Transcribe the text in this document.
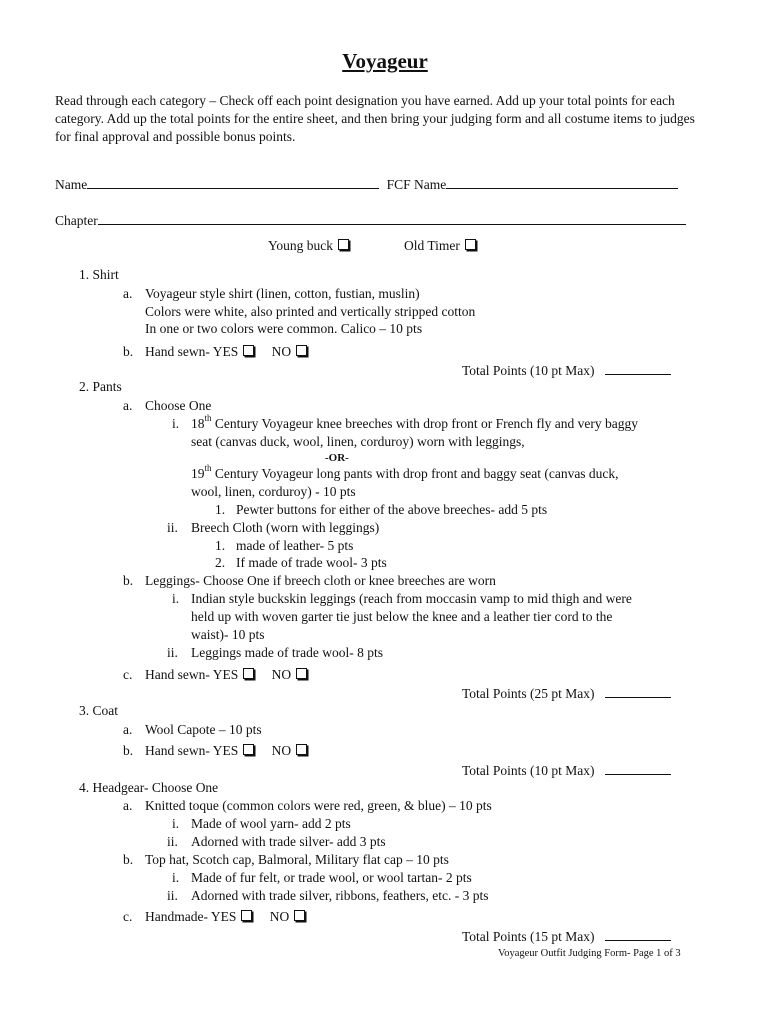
Voyageur
Read through each category – Check off each point designation you have earned. Add up your total points for each category. Add up the total points for the entire sheet, and then bring your judging form and all costume items to judges for final approval and possible bonus points.
Name	FCF Name
Chapter
Young buck	Old Timer
1. Shirt
a. Voyageur style shirt (linen, cotton, fustian, muslin)
Colors were white, also printed and vertically stripped cotton
In one or two colors were common. Calico – 10 pts
b. Hand sewn- YES NO
Total Points (10 pt Max)
2. Pants
a. Choose One
i. 18th Century Voyageur knee breeches with drop front or French fly and very baggy
seat (canvas duck, wool, linen, corduroy) worn with leggings,
-OR-
19th Century Voyageur long pants with drop front and baggy seat (canvas duck,
wool, linen, corduroy) - 10 pts
1. Pewter buttons for either of the above breeches- add 5 pts
ii. Breech Cloth (worn with leggings)
1. made of leather- 5 pts
2. If made of trade wool- 3 pts
b. Leggings- Choose One if breech cloth or knee breeches are worn
i. Indian style buckskin leggings (reach from moccasin vamp to mid thigh and were
held up with woven garter tie just below the knee and a leather tier cord to the
waist)- 10 pts
ii. Leggings made of trade wool- 8 pts
c. Hand sewn- YES NO
Total Points (25 pt Max)
3. Coat
a. Wool Capote – 10 pts
b. Hand sewn- YES NO
Total Points (10 pt Max)
4. Headgear- Choose One
a. Knitted toque (common colors were red, green, & blue) – 10 pts
i. Made of wool yarn- add 2 pts
ii. Adorned with trade silver- add 3 pts
b. Top hat, Scotch cap, Balmoral, Military flat cap – 10 pts
i. Made of fur felt, or trade wool, or wool tartan- 2 pts
ii. Adorned with trade silver, ribbons, feathers, etc. - 3 pts
c. Handmade- YES NO
Total Points (15 pt Max)
Voyageur Outfit Judging Form- Page 1 of 3
